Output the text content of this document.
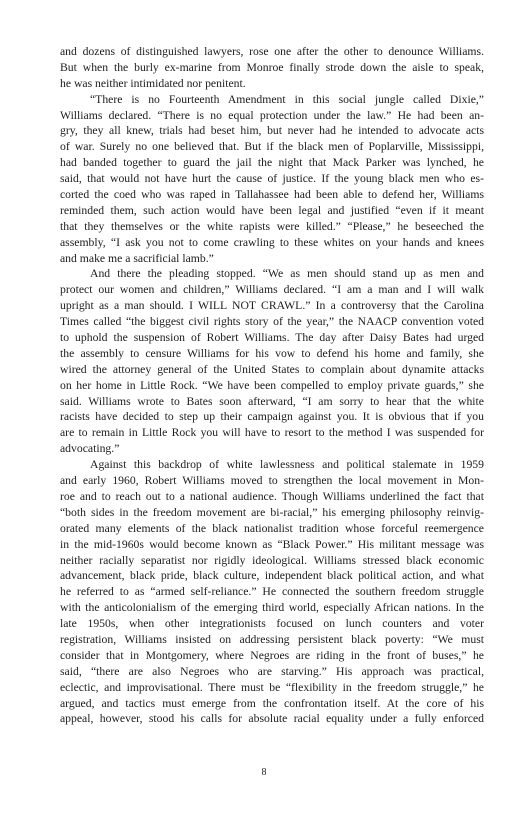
and dozens of distinguished lawyers, rose one after the other to denounce Williams.
But when the burly ex-marine from Monroe finally strode down the aisle to speak,
he was neither intimidated nor penitent.
“There is no Fourteenth Amendment in this social jungle called Dixie,”
Williams declared. “There is no equal protection under the law.” He had been an-
gry, they all knew, trials had beset him, but never had he intended to advocate acts
of war. Surely no one believed that. But if the black men of Poplarville, Mississippi,
had banded together to guard the jail the night that Mack Parker was lynched, he
said, that would not have hurt the cause of justice. If the young black men who es-
corted the coed who was raped in Tallahassee had been able to defend her, Williams
reminded them, such action would have been legal and justified “even if it meant
that they themselves or the white rapists were killed.” “Please,” he beseeched the
assembly, “I ask you not to come crawling to these whites on your hands and knees
and make me a sacrificial lamb.”
And there the pleading stopped. “We as men should stand up as men and
protect our women and children,” Williams declared. “I am a man and I will walk
upright as a man should. I WILL NOT CRAWL.” In a controversy that the Carolina
Times called “the biggest civil rights story of the year,” the NAACP convention voted
to uphold the suspension of Robert Williams. The day after Daisy Bates had urged
the assembly to censure Williams for his vow to defend his home and family, she
wired the attorney general of the United States to complain about dynamite attacks
on her home in Little Rock. “We have been compelled to employ private guards,” she
said. Williams wrote to Bates soon afterward, “I am sorry to hear that the white
racists have decided to step up their campaign against you. It is obvious that if you
are to remain in Little Rock you will have to resort to the method I was suspended for
advocating.”
Against this backdrop of white lawlessness and political stalemate in 1959
and early 1960, Robert Williams moved to strengthen the local movement in Mon-
roe and to reach out to a national audience. Though Williams underlined the fact that
“both sides in the freedom movement are bi-racial,” his emerging philosophy reinvig-
orated many elements of the black nationalist tradition whose forceful reemergence
in the mid-1960s would become known as “Black Power.” His militant message was
neither racially separatist nor rigidly ideological. Williams stressed black economic
advancement, black pride, black culture, independent black political action, and what
he referred to as “armed self-reliance.” He connected the southern freedom struggle
with the anticolonialism of the emerging third world, especially African nations. In the
late 1950s, when other integrationists focused on lunch counters and voter
registration, Williams insisted on addressing persistent black poverty: “We must
consider that in Montgomery, where Negroes are riding in the front of buses,” he
said, “there are also Negroes who are starving.” His approach was practical,
eclectic, and improvisational. There must be “flexibility in the freedom struggle,” he
argued, and tactics must emerge from the confrontation itself. At the core of his
appeal, however, stood his calls for absolute racial equality under a fully enforced
8
